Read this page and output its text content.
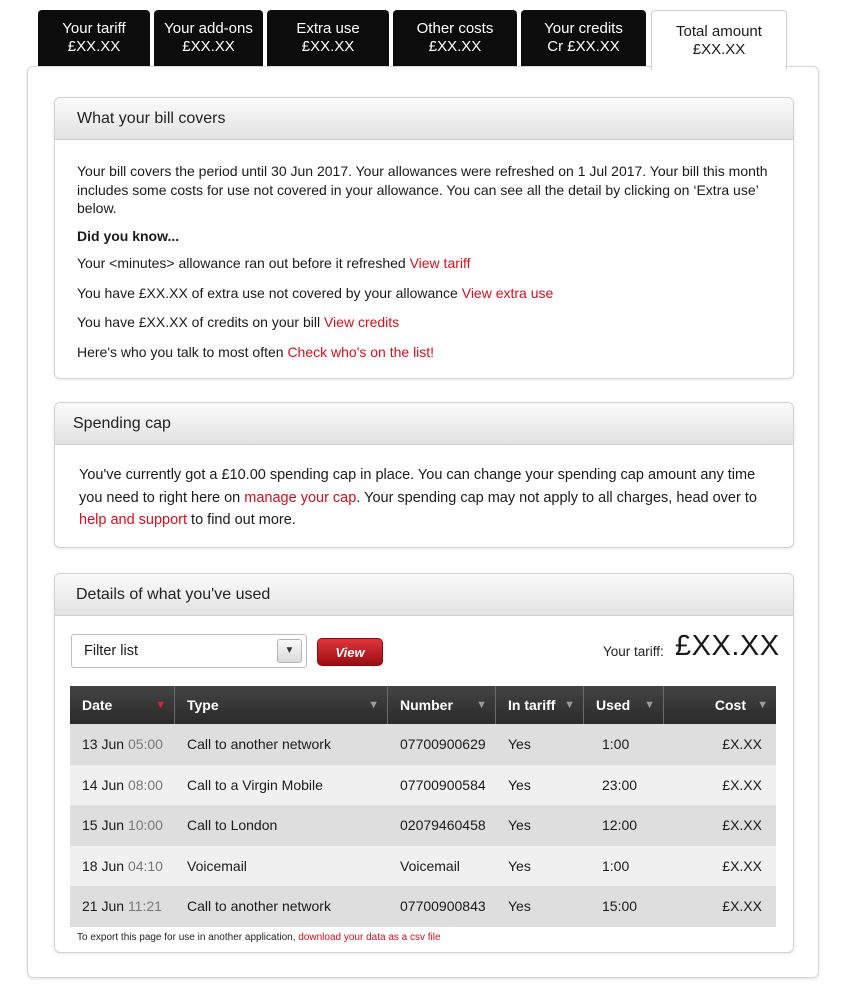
Your tariff
£XX.XX
Your add-ons
£XX.XX
Extra use
£XX.XX
Other costs
£XX.XX
Your credits
Cr £XX.XX
Total amount
£XX.XX
What your bill covers

Your bill covers the period until 30 Jun 2017. Your allowances were refreshed on 1 Jul 2017. Your bill this month includes some costs for use not covered in your allowance. You can see all the detail by clicking on ‘Extra use’ below.

Did you know...

Your <minutes> allowance ran out before it refreshed View tariff

You have £XX.XX of extra use not covered by your allowance View extra use

You have £XX.XX of credits on your bill View credits

Here's who you talk to most often Check who's on the list!

Spending cap
You've currently got a £10.00 spending cap in place. You can change your spending cap amount any time you need to right here on manage your cap. Your spending cap may not apply to all charges, head over to help and support to find out more.
Details of what you've used
Filter list	▼	View	Your tariff: £XX.XX
Date	▼	Type	▼	Number ▼	In tariff ▼	Used ▼	Cost ▼
13 Jun 05:00	Call to another network	07700900629	Yes	1:00	£X.XX
14 Jun 08:00	Call to a Virgin Mobile	07700900584	Yes	23:00	£X.XX
15 Jun 10:00	Call to London	02079460458	Yes	12:00	£X.XX
18 Jun 04:10	Voicemail	Voicemail	Yes	1:00	£X.XX
21 Jun 11:21	Call to another network	07700900843	Yes	15:00	£X.XX
To export this page for use in another application, download your data as a csv file
